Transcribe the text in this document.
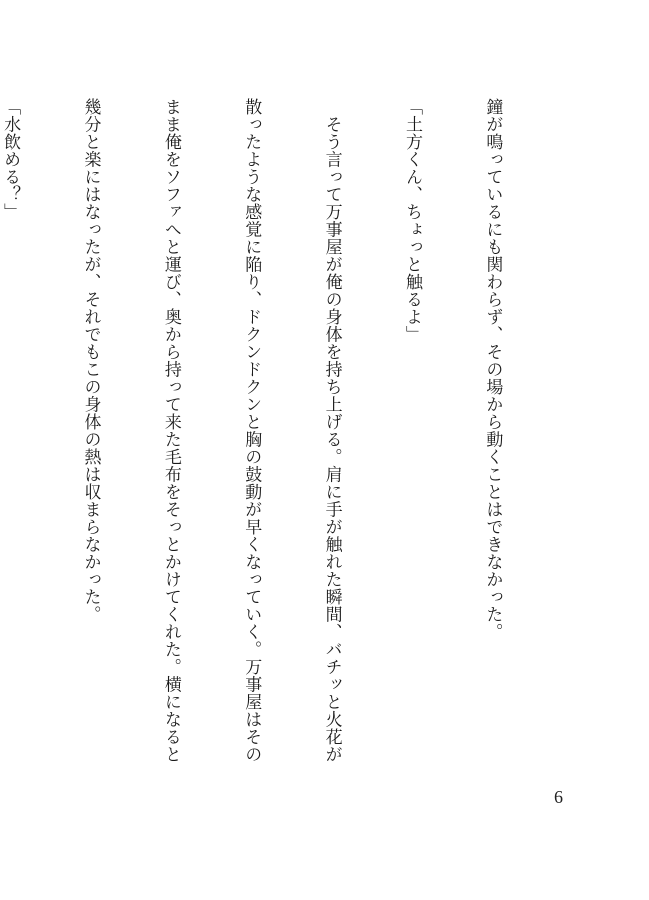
鐘が鳴っているにも関わらず、その場から動くことはできなかった。

「土方くん、ちょっと触るよ」

　そう言って万事屋が俺の身体を持ち上げる。肩に手が触れた瞬間、バチッと火花が

散ったような感覚に陥り、ドクンドクンと胸の鼓動が早くなっていく。万事屋はその

まま俺をソファへと運び、奥から持って来た毛布をそっとかけてくれた。横になると

幾分と楽にはなったが、それでもこの身体の熱は収まらなかった。

「水飲める？」

6
